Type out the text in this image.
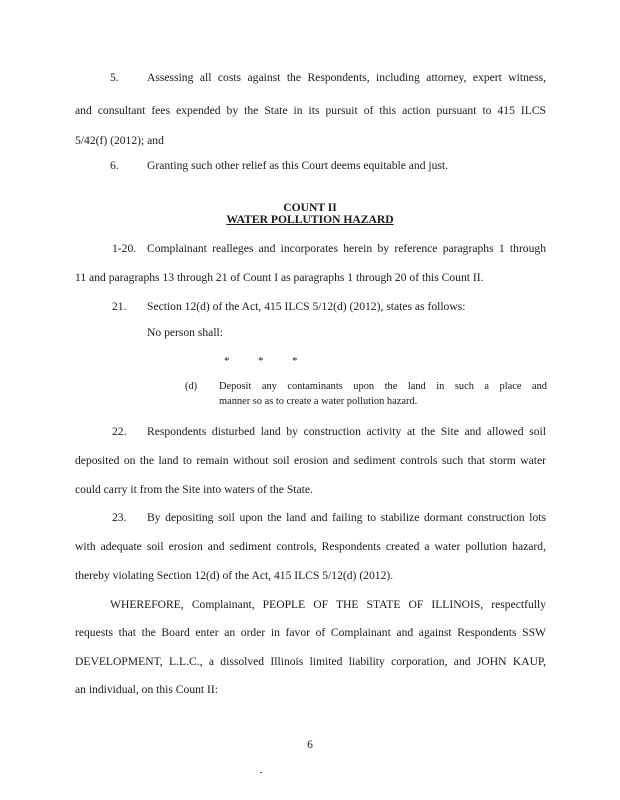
5. Assessing all costs against the Respondents, including attorney, expert witness,
and consultant fees expended by the State in its pursuit of this action pursuant to 415 ILCS
5/42(f) (2012); and
6. Granting such other relief as this Court deems equitable and just.
COUNT II
WATER POLLUTION HAZARD
1-20. Complainant realleges and incorporates herein by reference paragraphs 1 through
11 and paragraphs 13 through 21 of Count I as paragraphs 1 through 20 of this Count II.
21. Section 12(d) of the Act, 415 ILCS 5/12(d) (2012), states as follows:
No person shall:
*	*	*
(d) Deposit any contaminants upon the land in such a place and
manner so as to create a water pollution hazard.
22. Respondents disturbed land by construction activity at the Site and allowed soil
deposited on the land to remain without soil erosion and sediment controls such that storm water
could carry it from the Site into waters of the State.
23. By depositing soil upon the land and failing to stabilize dormant construction lots
with adequate soil erosion and sediment controls, Respondents created a water pollution hazard,
thereby violating Section 12(d) of the Act, 415 ILCS 5/12(d) (2012).
WHEREFORE, Complainant, PEOPLE OF THE STATE OF ILLINOIS, respectfully
requests that the Board enter an order in favor of Complainant and against Respondents SSW
DEVELOPMENT, L.L.C., a dissolved Illinois limited liability corporation, and JOHN KAUP,
an individual, on this Count II:
6
